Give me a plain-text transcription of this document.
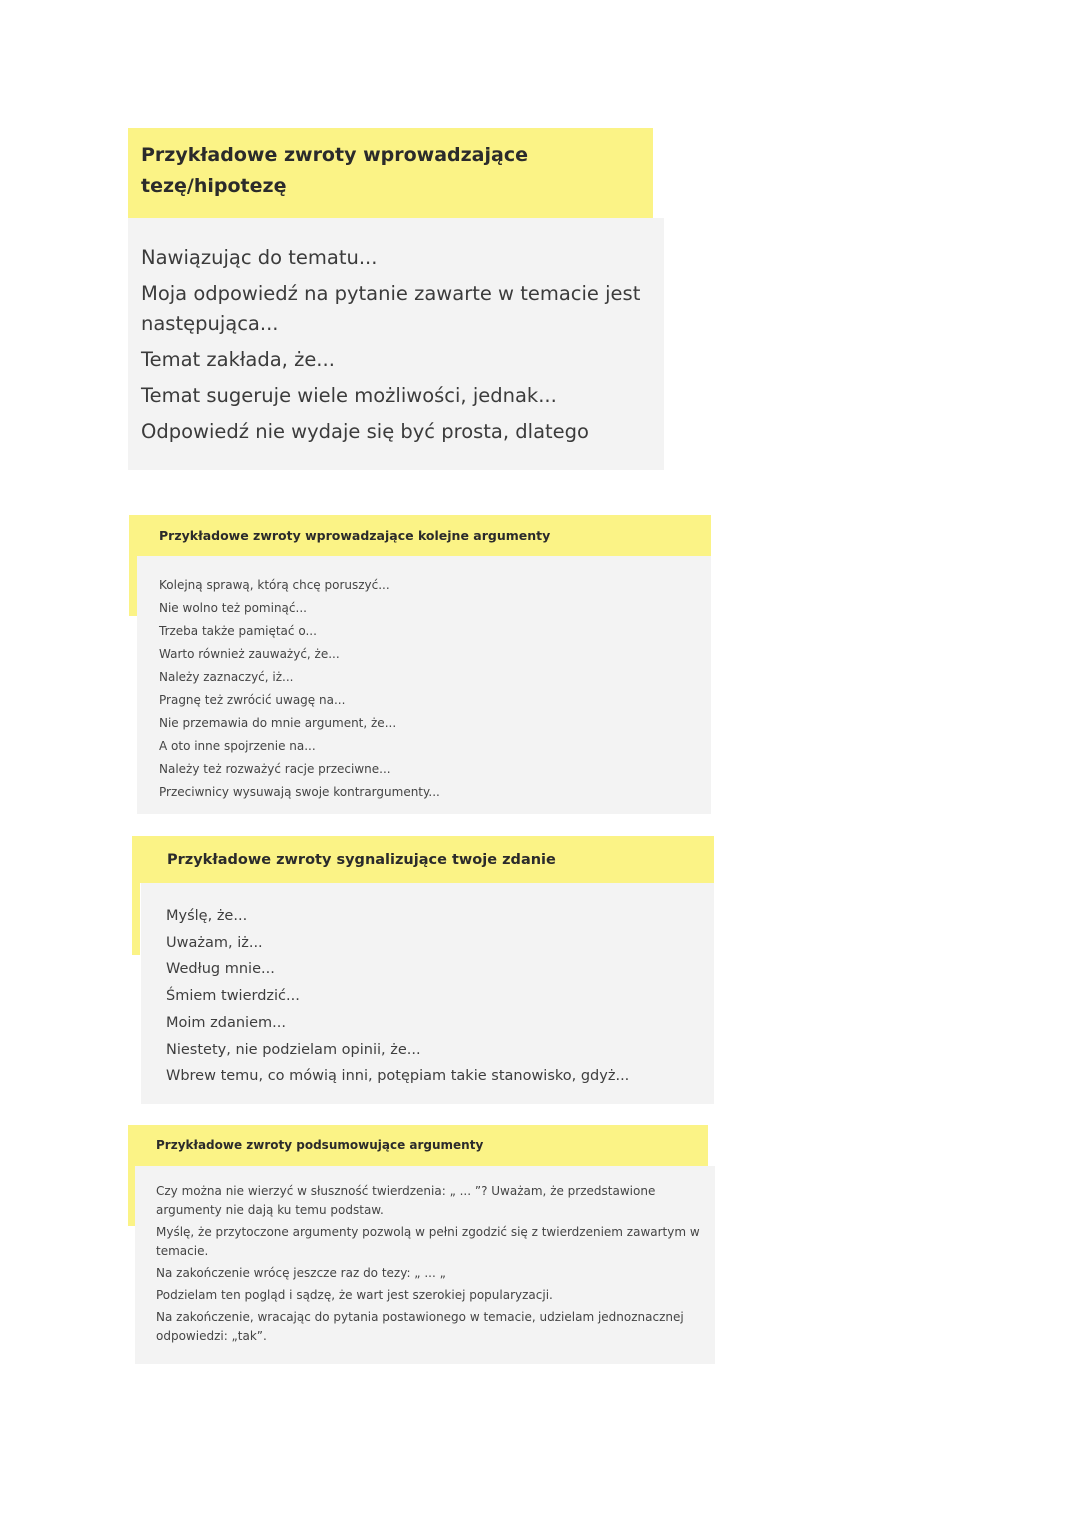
Przykładowe zwroty wprowadzające tezę/hipotezę
Nawiązując do tematu...
Moja odpowiedź na pytanie zawarte w temacie jest następująca...
Temat zakłada, że...
Temat sugeruje wiele możliwości, jednak...
Odpowiedź nie wydaje się być prosta, dlatego
Przykładowe zwroty wprowadzające kolejne argumenty
Kolejną sprawą, którą chcę poruszyć...
Nie wolno też pominąć...
Trzeba także pamiętać o...
Warto również zauważyć, że...
Należy zaznaczyć, iż...
Pragnę też zwrócić uwagę na...
Nie przemawia do mnie argument, że...
A oto inne spojrzenie na...
Należy też rozważyć racje przeciwne...
Przeciwnicy wysuwają swoje kontrargumenty...
Przykładowe zwroty sygnalizujące twoje zdanie
Myślę, że...
Uważam, iż...
Według mnie...
Śmiem twierdzić...
Moim zdaniem...
Niestety, nie podzielam opinii, że...
Wbrew temu, co mówią inni, potępiam takie stanowisko, gdyż...
Przykładowe zwroty podsumowujące argumenty
Czy można nie wierzyć w słuszność twierdzenia: „ ... ”? Uważam, że przedstawione argumenty nie dają ku temu podstaw.
Myślę, że przytoczone argumenty pozwolą w pełni zgodzić się z twierdzeniem zawartym w temacie.
Na zakończenie wrócę jeszcze raz do tezy: „ ... „
Podzielam ten pogląd i sądzę, że wart jest szerokiej popularyzacji.
Na zakończenie, wracając do pytania postawionego w temacie, udzielam jednoznacznej odpowiedzi: „tak”.
